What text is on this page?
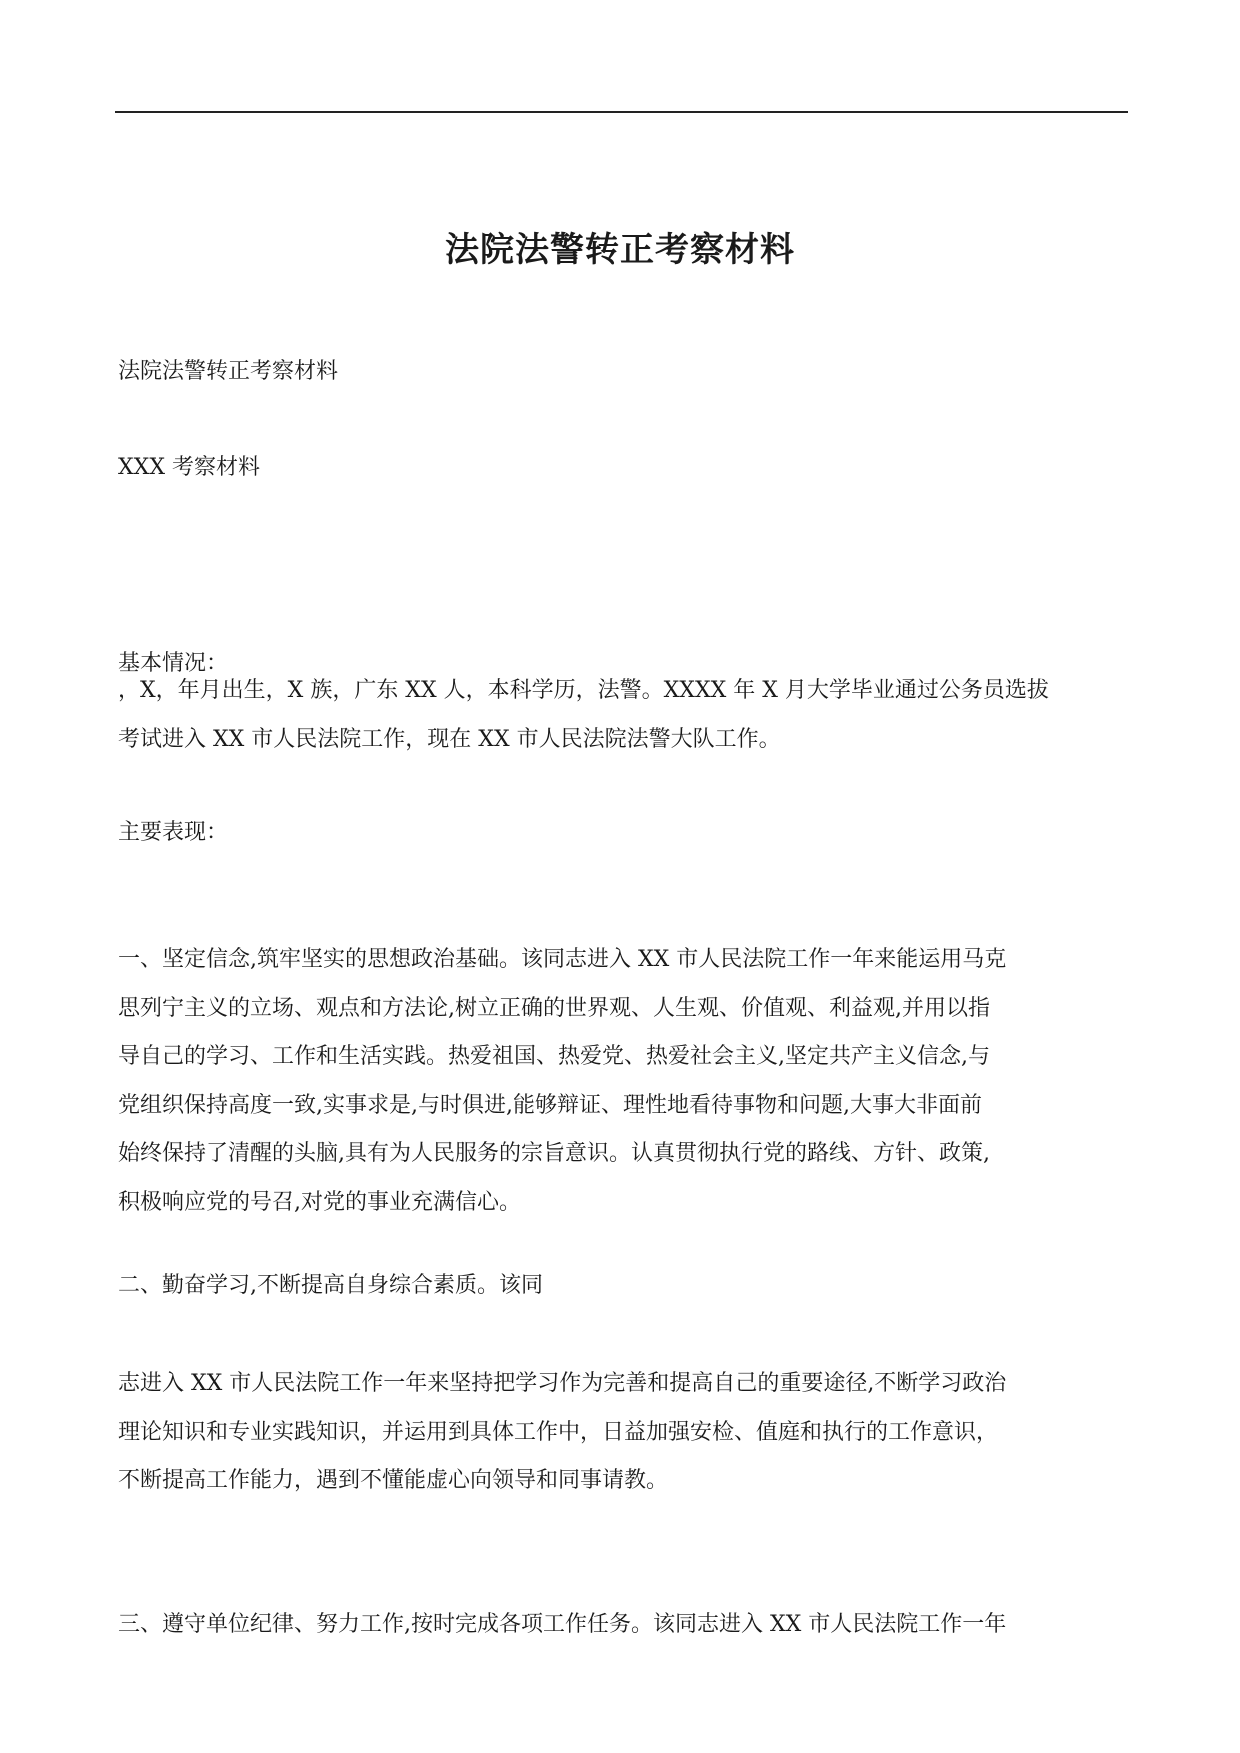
法院法警转正考察材料

法院法警转正考察材料

XXX 考察材料

基本情况：

，X，年月出生，X 族，广东 XX 人，本科学历，法警。XXXX 年 X 月大学毕业通过公务员选拔
考试进入 XX 市人民法院工作，现在 XX 市人民法院法警大队工作。

主要表现：

一、坚定信念,筑牢坚实的思想政治基础。该同志进入 XX 市人民法院工作一年来能运用马克
思列宁主义的立场、观点和方法论,树立正确的世界观、人生观、价值观、利益观,并用以指
导自己的学习、工作和生活实践。热爱祖国、热爱党、热爱社会主义,坚定共产主义信念,与
党组织保持高度一致,实事求是,与时俱进,能够辩证、理性地看待事物和问题,大事大非面前
始终保持了清醒的头脑,具有为人民服务的宗旨意识。认真贯彻执行党的路线、方针、政策,
积极响应党的号召,对党的事业充满信心。

二、勤奋学习,不断提高自身综合素质。该同

志进入 XX 市人民法院工作一年来坚持把学习作为完善和提高自己的重要途径,不断学习政治
理论知识和专业实践知识，并运用到具体工作中，日益加强安检、值庭和执行的工作意识，
不断提高工作能力，遇到不懂能虚心向领导和同事请教。

三、遵守单位纪律、努力工作,按时完成各项工作任务。该同志进入 XX 市人民法院工作一年
